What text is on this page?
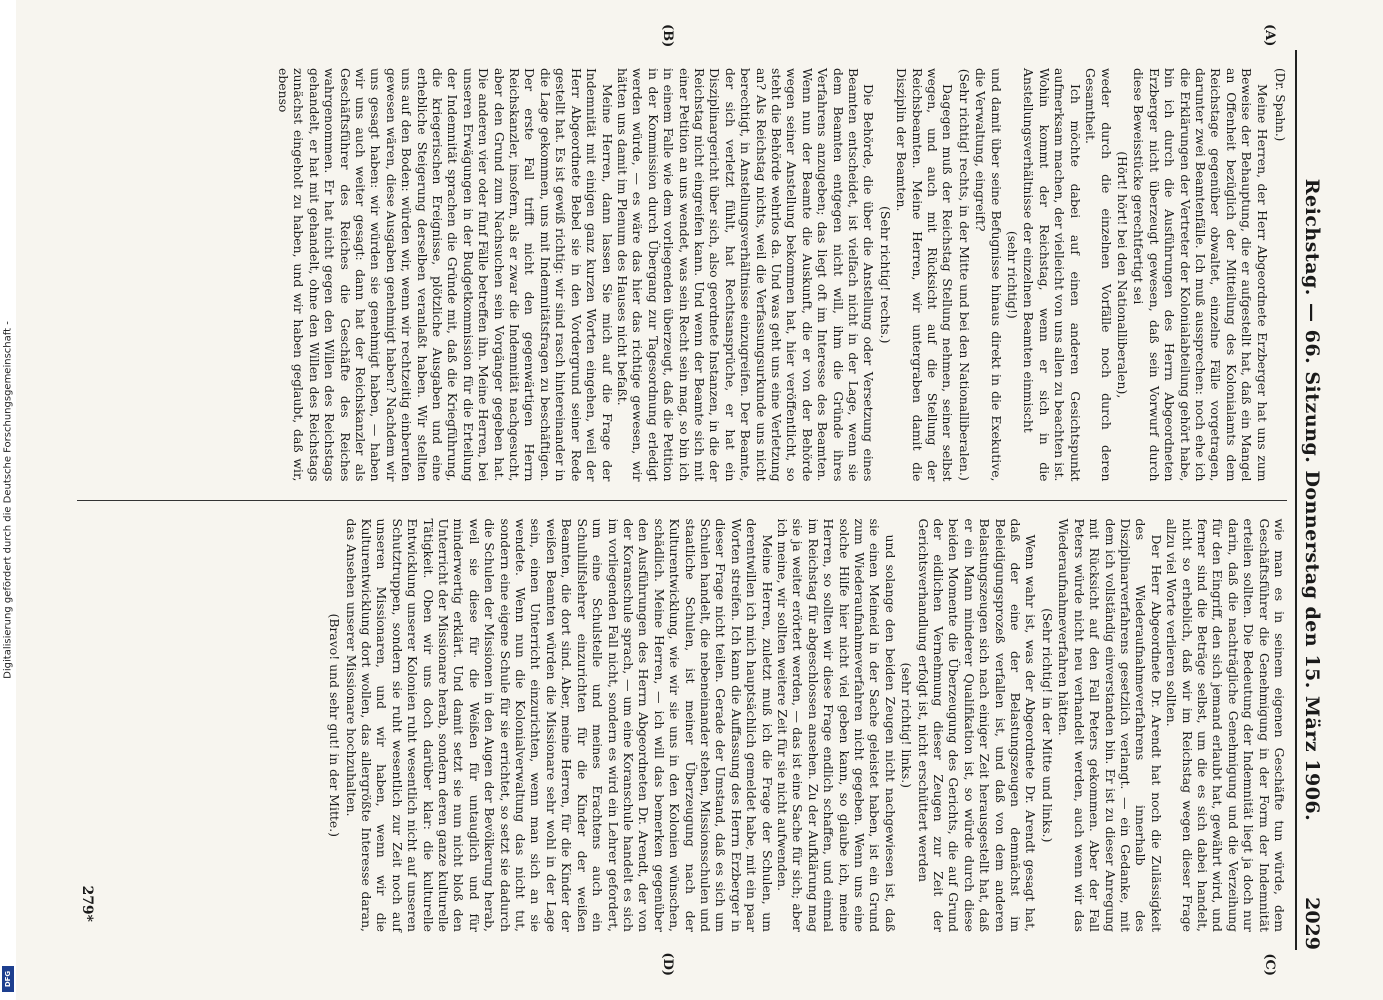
Reichstag. — 66. Sitzung. Donnerstag den 15. März 1906.
2029
(A)
(B)

(Dr. Spahn.)

Meine Herren, der Herr Abgeordnete Erzberger hat uns zum Beweise der Behauptung, die er aufgestellt hat, daß ein Mangel an Offenheit bezüglich der Mitteilung des Kolonialamts dem Reichstage gegenüber obwaltet, einzelne Fälle vorgetragen, darunter zwei Beamtenfälle. Ich muß aussprechen: noch ehe ich die Erklärungen der Vertreter der Kolonialabteilung gehört habe, bin ich durch die Ausführungen des Herrn Abgeordneten Erzberger nicht überzeugt gewesen, daß sein Vorwurf durch diese Beweisstücke gerechtfertigt sei

(Hört! hört! bei den Nationalliberalen),

weder durch die einzelnen Vorfälle noch durch deren Gesamtheit.

Ich möchte dabei auf einen anderen Gesichtspunkt aufmerksam machen, der vielleicht von uns allen zu beachten ist. Wohin kommt der Reichstag, wenn er sich in die Anstellungsverhältnisse der einzelnen Beamten einmischt

(sehr richtig!)

und damit über seine Befugnisse hinaus direkt in die Exekutive, die Verwaltung, eingreift?

(Sehr richtig! rechts, in der Mitte und bei den Nationalliberalen.)

Dagegen muß der Reichstag Stellung nehmen, seiner selbst wegen, und auch mit Rücksicht auf die Stellung der Reichsbeamten. Meine Herren, wir untergraben damit die Disziplin der Beamten.

(Sehr richtig! rechts.)

Die Behörde, die über die Anstellung oder Versetzung eines Beamten entscheidet, ist vielfach nicht in der Lage, wenn sie dem Beamten entgegen nicht will, ihm die Gründe ihres Verfahrens anzugeben; das liegt oft im Interesse des Beamten. Wenn nun der Beamte die Auskunft, die er von der Behörde wegen seiner Anstellung bekommen hat, hier veröffentlicht, so steht die Behörde wehrlos da. Und was geht uns eine Verletzung an? Als Reichstag nichts, weil die Verfassungsurkunde uns nicht berechtigt, in Anstellungsverhältnisse einzugreifen. Der Beamte, der sich verletzt fühlt, hat Rechtsansprüche, er hat ein Disziplinargericht über sich, also geordnete Instanzen, in die der Reichstag nicht eingreifen kann. Und wenn der Beamte sich mit einer Petition an uns wendet, was sein Recht sein mag, so bin ich in einem Falle wie dem vorliegenden überzeugt, daß die Petition in der Kommission durch Übergang zur Tagesordnung erledigt werden würde, — es wäre das hier das richtige gewesen, wir hätten uns damit im Plenum des Hauses nicht befaßt.

Meine Herren, dann lassen Sie mich auf die Frage der Indemnität mit einigen ganz kurzen Worten eingehen, weil der Herr Abgeordnete Bebel sie in den Vordergrund seiner Rede gestellt hat. Es ist gewiß richtig: wir sind rasch hintereinander in die Lage gekommen, uns mit Indemnitätsfragen zu beschäftigen. Der erste Fall trifft nicht den gegenwärtigen Herrn Reichskanzler, insofern, als er zwar die Indemnität nachgesucht, aber den Grund zum Nachsuchen sein Vorgänger gegeben hat. Die anderen vier oder fünf Fälle betreffen ihn. Meine Herren, bei unseren Erwägungen in der Budgetkommission für die Erteilung der Indemnität sprachen die Gründe mit, daß die Kriegführung, die kriegerischen Ereignisse, plötzliche Ausgaben und eine erhebliche Steigerung derselben veranlaßt haben. Wir stellten uns auf den Boden: würden wir, wenn wir rechtzeitig einberufen gewesen wären, diese Ausgaben genehmigt haben? Nachdem wir uns gesagt haben: wir würden sie genehmigt haben, — haben wir uns auch weiter gesagt: dann hat der Reichskanzler als Geschäftsführer des Reiches die Geschäfte des Reiches wahrgenommen. Er hat nicht gegen den Willen des Reichstags gehandelt, er hat mit gehandelt, ohne den Willen des Reichstags zunächst eingeholt zu haben, und wir haben geglaubt, daß wir, ebenso

(C)
(D)

wie man es in seinem eigenen Geschäfte tun würde, dem Geschäftsführer die Genehmigung in der Form der Indemnität erteilen sollten. Die Bedeutung der Indemnität liegt ja doch nur darin, daß die nachträgliche Genehmigung und die Verzeihung für den Eingriff, den sich jemand erlaubt hat, gewährt wird, und ferner sind die Beträge selbst, um die es sich dabei handelt, nicht so erheblich, daß wir im Reichstag wegen dieser Frage allzu viel Worte verlieren sollten.

Der Herr Abgeordnete Dr. Arendt hat noch die Zulässigkeit des Wiederaufnahmeverfahrens innerhalb des Disziplinarverfahrens gesetzlich verlangt. — ein Gedanke, mit dem ich vollständig einverstanden bin. Er ist zu dieser Anregung mit Rücksicht auf den Fall Peters gekommen. Aber der Fall Peters würde nicht neu verhandelt werden, auch wenn wir das Wiederaufnahmeverfahren hätten.

(Sehr richtig! in der Mitte und links.)

Wenn wahr ist, was der Abgeordnete Dr. Arendt gesagt hat, daß der eine der Belastungszeugen demnächst im Beleidigungsprozeß verfallen ist, und daß von dem anderen Belastungszeugen sich nach einiger Zeit herausgestellt hat, daß er ein Mann minderer Qualifikation ist, so würde durch diese beiden Momente die Überzeugung des Gerichts, die auf Grund der eidlichen Vernehmung dieser Zeugen zur Zeit der Gerichtsverhandlung erfolgt ist, nicht erschüttert werden

(sehr richtig! links.)

und solange den beiden Zeugen nicht nachgewiesen ist, daß sie einen Meineid in der Sache geleistet haben, ist ein Grund zum Wiederaufnahmeverfahren nicht gegeben. Wenn uns eine solche Hilfe hier nicht viel geben kann, so glaube ich, meine Herren, so sollten wir diese Frage endlich schaffen, und einmal im Reichstag für abgeschlossen ansehen. Zu der Aufklärung mag sie ja weiter erörtert werden, — das ist eine Sache für sich; aber ich meine, wir sollten weitere Zeit für sie nicht aufwenden.

Meine Herren, zuletzt muß ich die Frage der Schulen, um derentwillen ich mich hauptsächlich gemeldet habe, mit ein paar Worten streifen. Ich kann die Auffassung des Herrn Erzberger in dieser Frage nicht teilen. Gerade der Umstand, daß es sich um Schulen handelt, die nebeneinander stehen, Missionsschulen und staatliche Schulen, ist meiner Überzeugung nach der Kulturentwicklung, wie wir sie uns in den Kolonien wünschen, schädlich. Meine Herren, — ich will das bemerken gegenüber den Ausführungen des Herrn Abgeordneten Dr. Arendt, der von der Koranschule sprach, — um eine Koranschule handelt es sich im vorliegenden Fall nicht, sondern es wird ein Lehrer gefordert, um eine Schulstelle und meines Erachtens auch ein Schulhilfslehrer einzurichten für die Kinder der weißen Beamten, die dort sind. Aber, meine Herren, für die Kinder der weißen Beamten würden die Missionare sehr wohl in der Lage sein, einen Unterricht einzurichten, wenn man sich an sie wendete. Wenn nun die Kolonialverwaltung das nicht tut, sondern eine eigene Schule für sie errichtet, so setzt sie dadurch die Schulen der Missionen in den Augen der Bevölkerung herab, weil sie diese für die Weißen für untauglich und für minderwertig erklärt. Und damit setzt sie nun nicht bloß den Unterricht der Missionare herab, sondern deren ganze kulturelle Tätigkeit. Oben wir uns doch darüber klar: die kulturelle Entwicklung unserer Kolonien ruht wesentlich nicht auf unseren Schutztruppen, sondern sie ruht wesentlich zur Zeit noch auf unseren Missionaren, und wir haben, wenn wir die Kulturentwicklung dort wollen, das allergrößte Interesse daran, das Ansehen unserer Missionare hochzuhalten.

(Bravo! und sehr gut! in der Mitte.)

279*
Digitalisierung gefördert durch die Deutsche Forschungsgemeinschaft -
DFG
